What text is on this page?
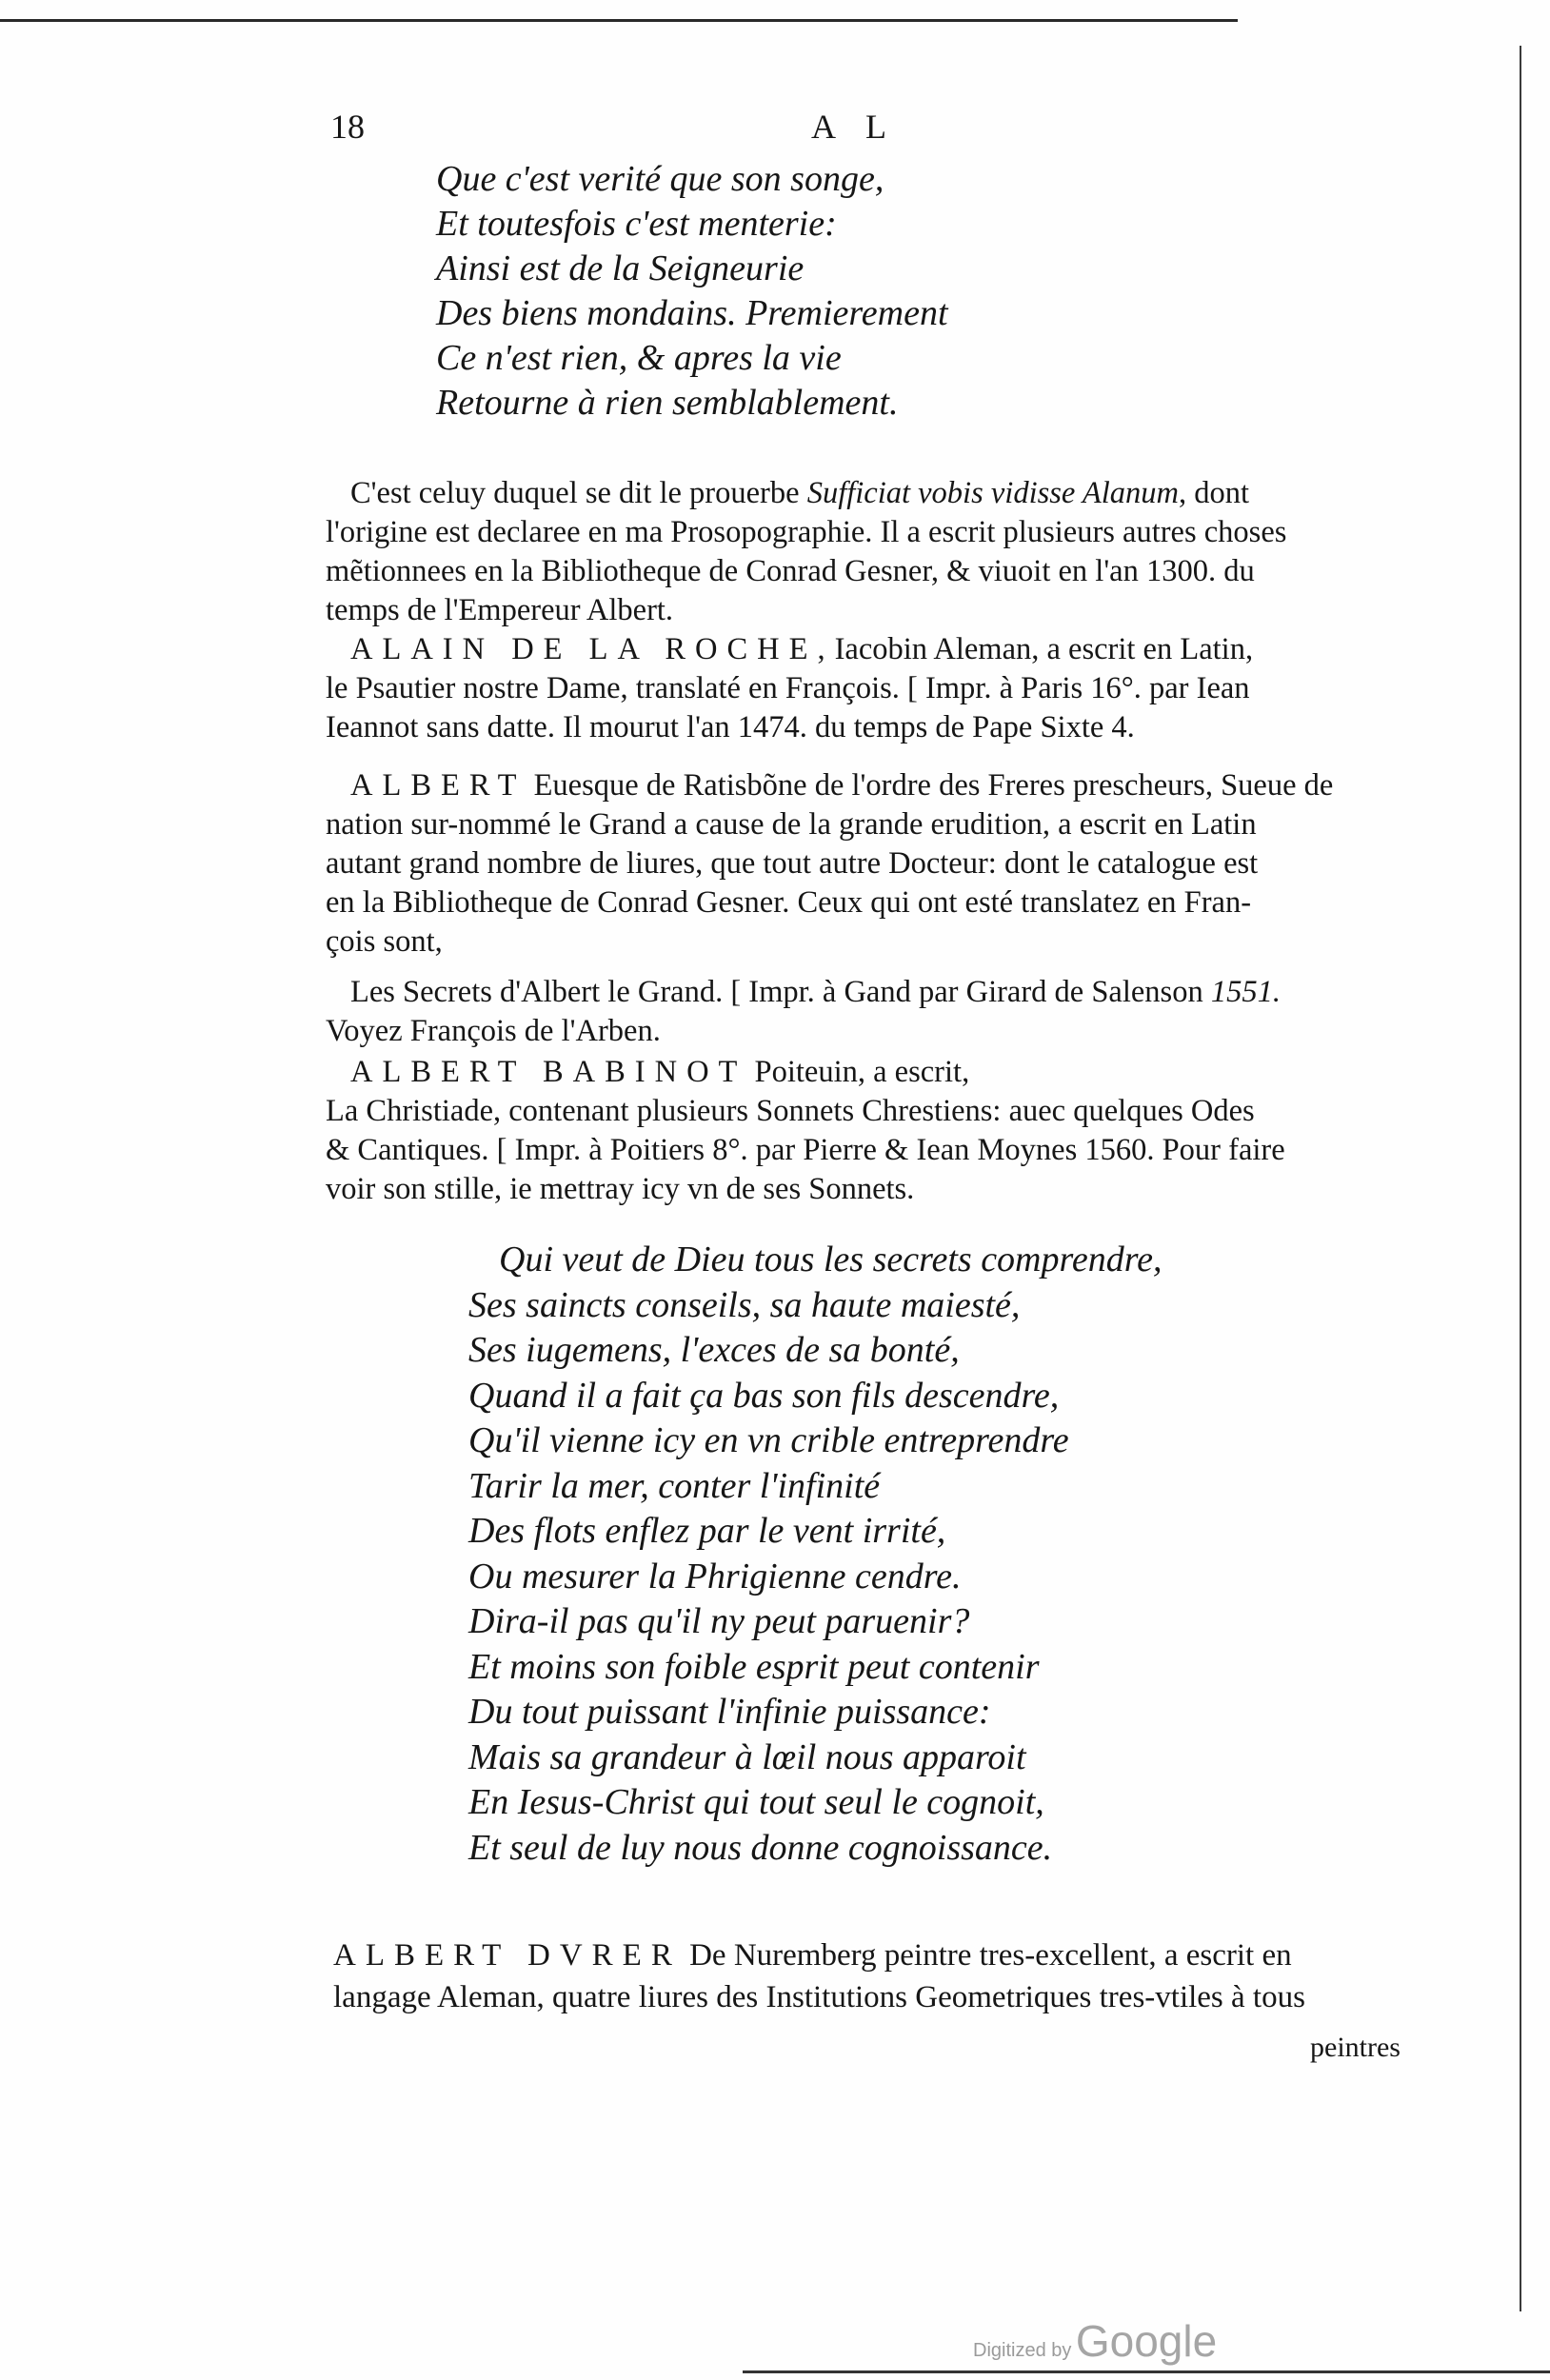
18	A L

Que c'est verité que son songe,
Et toutesfois c'est menterie:
Ainsi est de la Seigneurie
Des biens mondains. Premierement
Ce n'est rien, & apres la vie
Retourne à rien semblablement.
C'est celuy duquel se dit le prouerbe Sufficiat vobis vidisse Alanum, dont
l'origine est declaree en ma Prosopographie. Il a escrit plusieurs autres choses
mẽtionnees en la Bibliotheque de Conrad Gesner, & viuoit en l'an 1300. du
temps de l'Empereur Albert.
ALAIN DE LA ROCHE,Iacobin Aleman, a escrit en Latin,
le Psautier nostre Dame, translaté en François. [ Impr. à Paris 16°. par Iean
Ieannot sans datte. Il mourut l'an 1474. du temps de Pape Sixte 4.
ALBERT Euesque de Ratisbõne de l'ordre des Freres prescheurs, Sueue de
nation sur-nommé le Grand a cause de la grande erudition, a escrit en Latin
autant grand nombre de liures, que tout autre Docteur: dont le catalogue est
en la Bibliotheque de Conrad Gesner. Ceux qui ont esté translatez en Fran-
çois sont,
Les Secrets d'Albert le Grand. [ Impr. à Gand par Girard de Salenson 1551.
Voyez François de l'Arben.
ALBERT BABINOT Poiteuin, a escrit,
La Christiade, contenant plusieurs Sonnets Chrestiens: auec quelques Odes
& Cantiques. [ Impr. à Poitiers 8°. par Pierre & Iean Moynes 1560. Pour faire
voir son stille, ie mettray icy vn de ses Sonnets.
Qui veut de Dieu tous les secrets comprendre,
Ses saincts conseils, sa haute maiesté,
Ses iugemens, l'exces de sa bonté,
Quand il a fait ça bas son fils descendre,
Qu'il vienne icy en vn crible entreprendre
Tarir la mer, conter l'infinité
Des flots enflez par le vent irrité,
Ou mesurer la Phrigienne cendre.
Dira-il pas qu'il ny peut paruenir?
Et moins son foible esprit peut contenir
Du tout puissant l'infinie puissance:
Mais sa grandeur à lœil nous apparoit
En Iesus-Christ qui tout seul le cognoit,
Et seul de luy nous donne cognoissance.
ALBERT DVRER De Nuremberg peintre tres-excellent, a escrit en
langage Aleman, quatre liures des Institutions Geometriques tres-vtiles à tous

peintres

Digitized by Google
